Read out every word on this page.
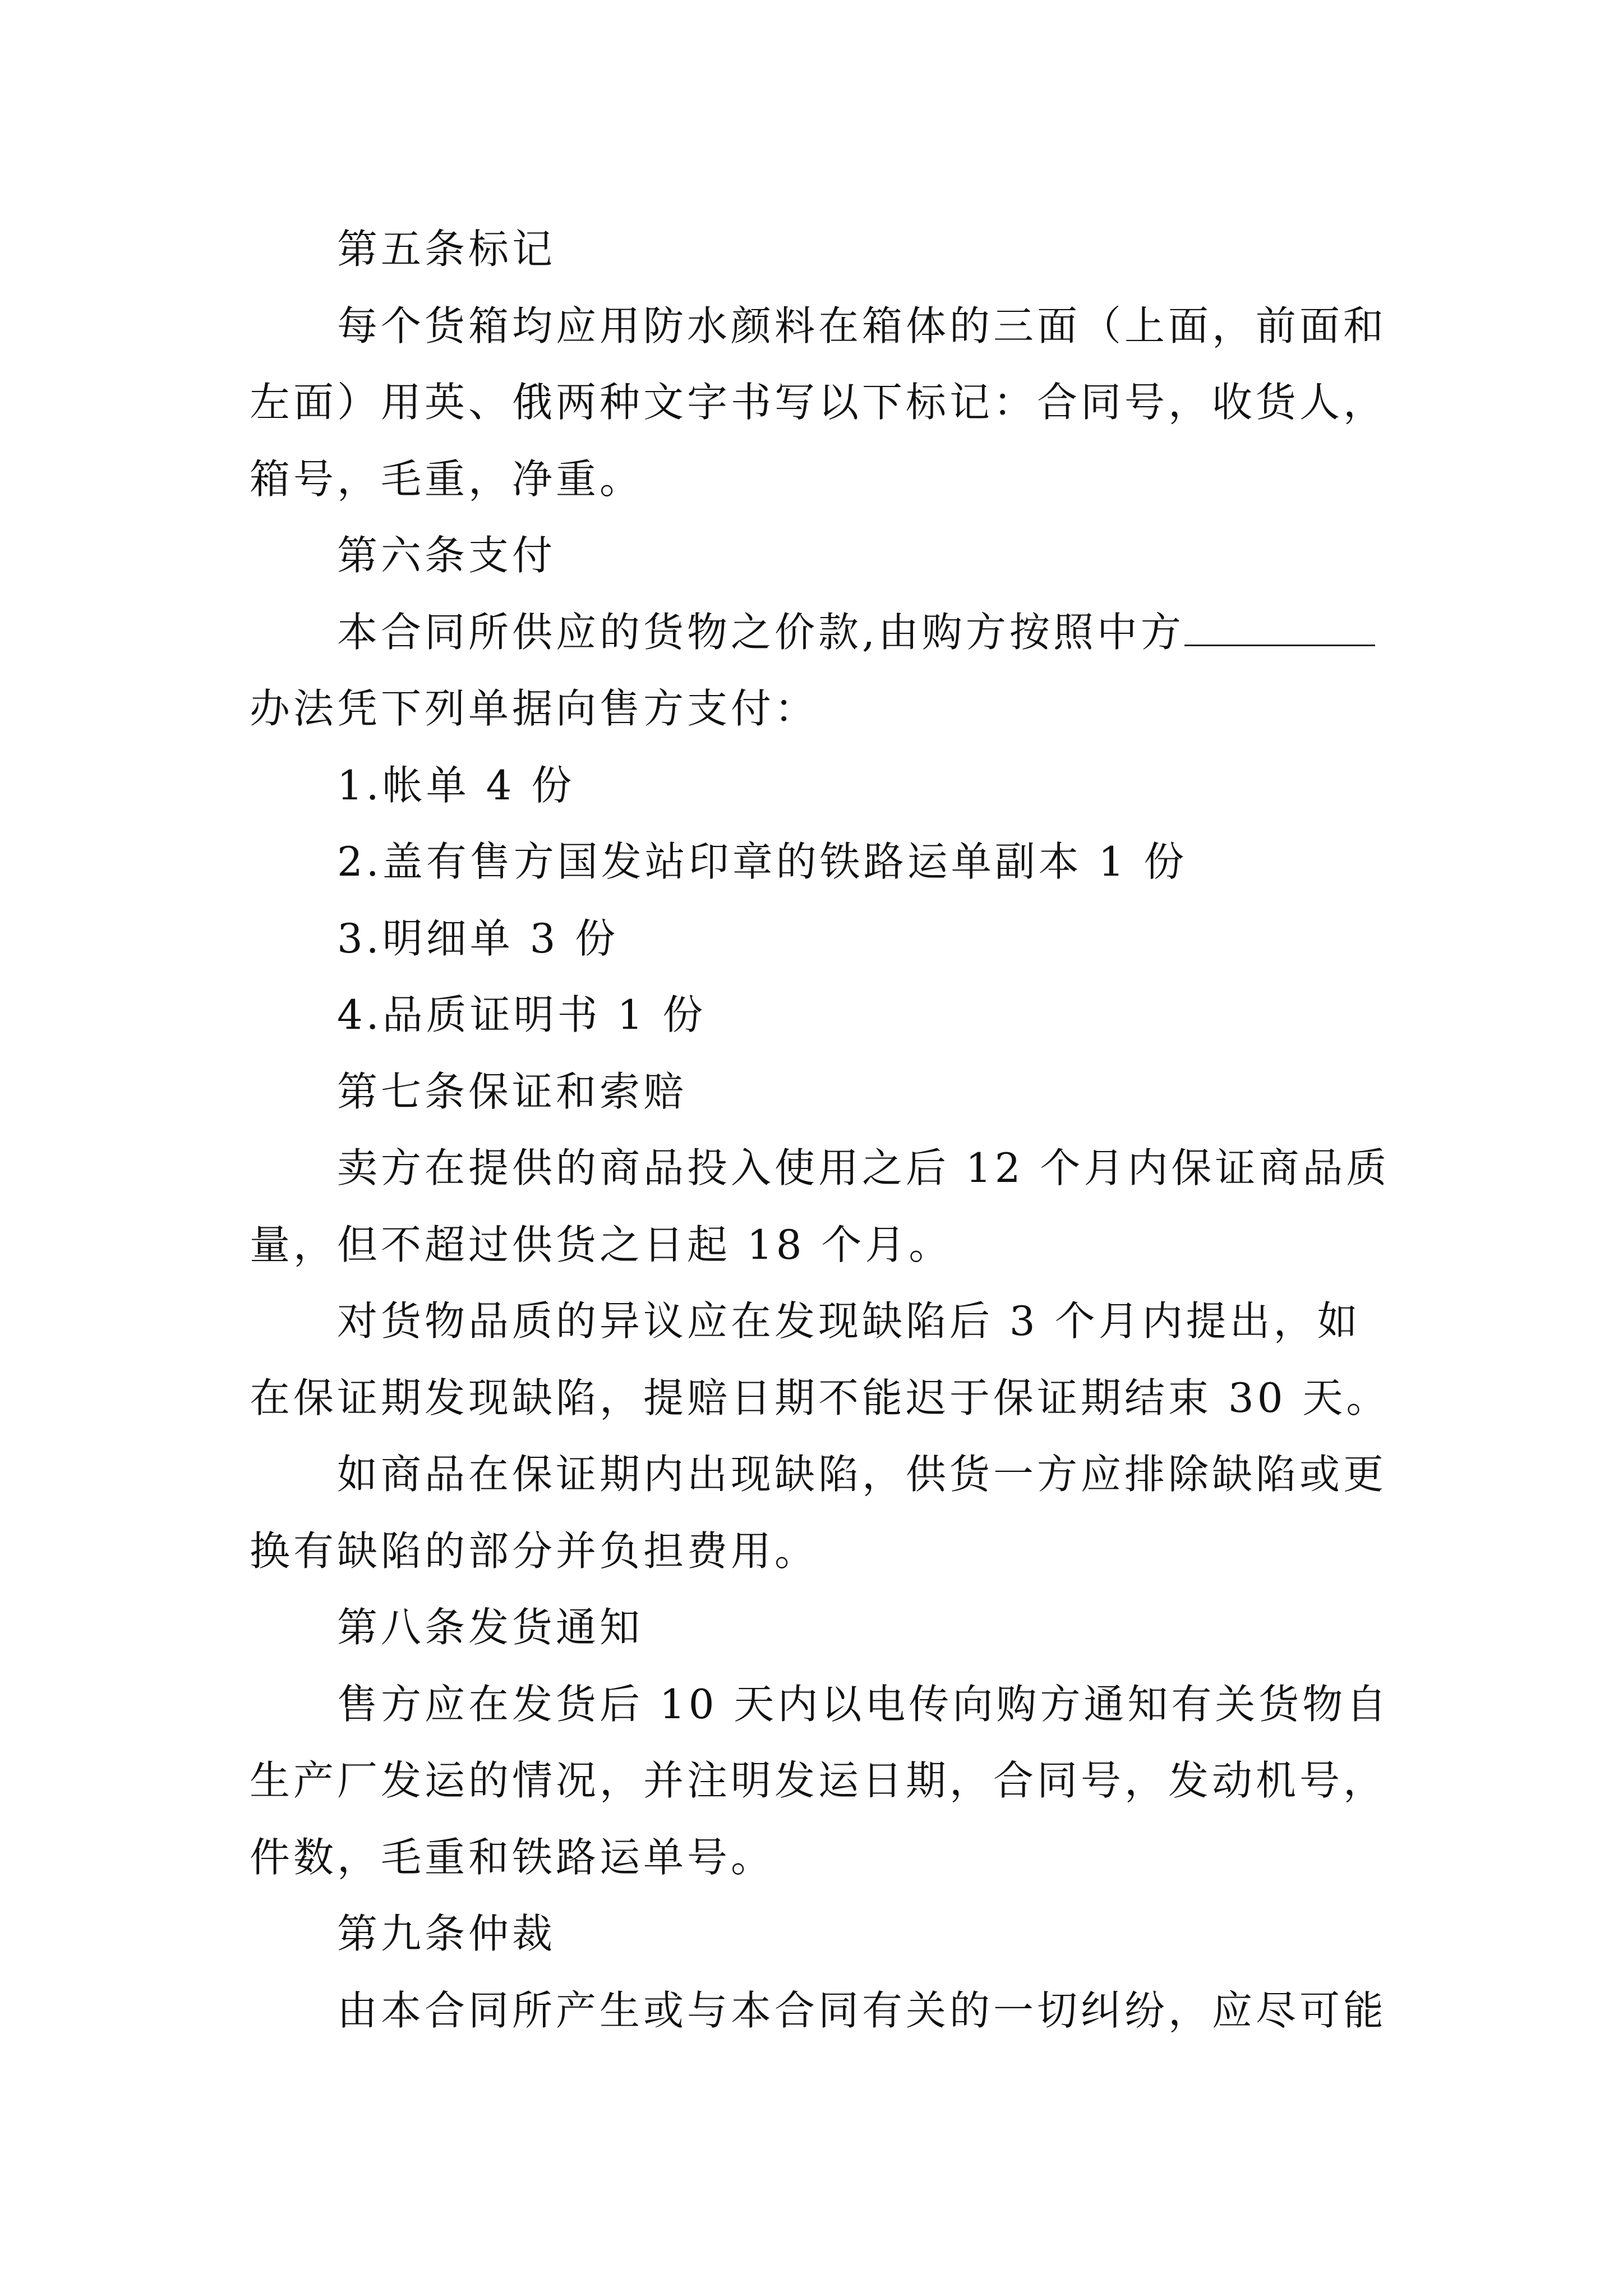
第五条标记

每个货箱均应用防水颜料在箱体的三面（上面，前面和左面）用英、俄两种文字书写以下标记：合同号，收货人，箱号，毛重，净重。

第六条支付

本合同所供应的货物之价款,由购方按照中方办法凭下列单据向售方支付：

1.帐单 4 份

2.盖有售方国发站印章的铁路运单副本 1 份

3.明细单 3 份

4.品质证明书 1 份

第七条保证和索赔

卖方在提供的商品投入使用之后 12 个月内保证商品质量，但不超过供货之日起 18 个月。

对货物品质的异议应在发现缺陷后 3 个月内提出，如在保证期发现缺陷，提赔日期不能迟于保证期结束 30 天。

如商品在保证期内出现缺陷，供货一方应排除缺陷或更换有缺陷的部分并负担费用。

第八条发货通知

售方应在发货后 10 天内以电传向购方通知有关货物自生产厂发运的情况，并注明发运日期，合同号，发动机号，件数，毛重和铁路运单号。

第九条仲裁

由本合同所产生或与本合同有关的一切纠纷，应尽可能
